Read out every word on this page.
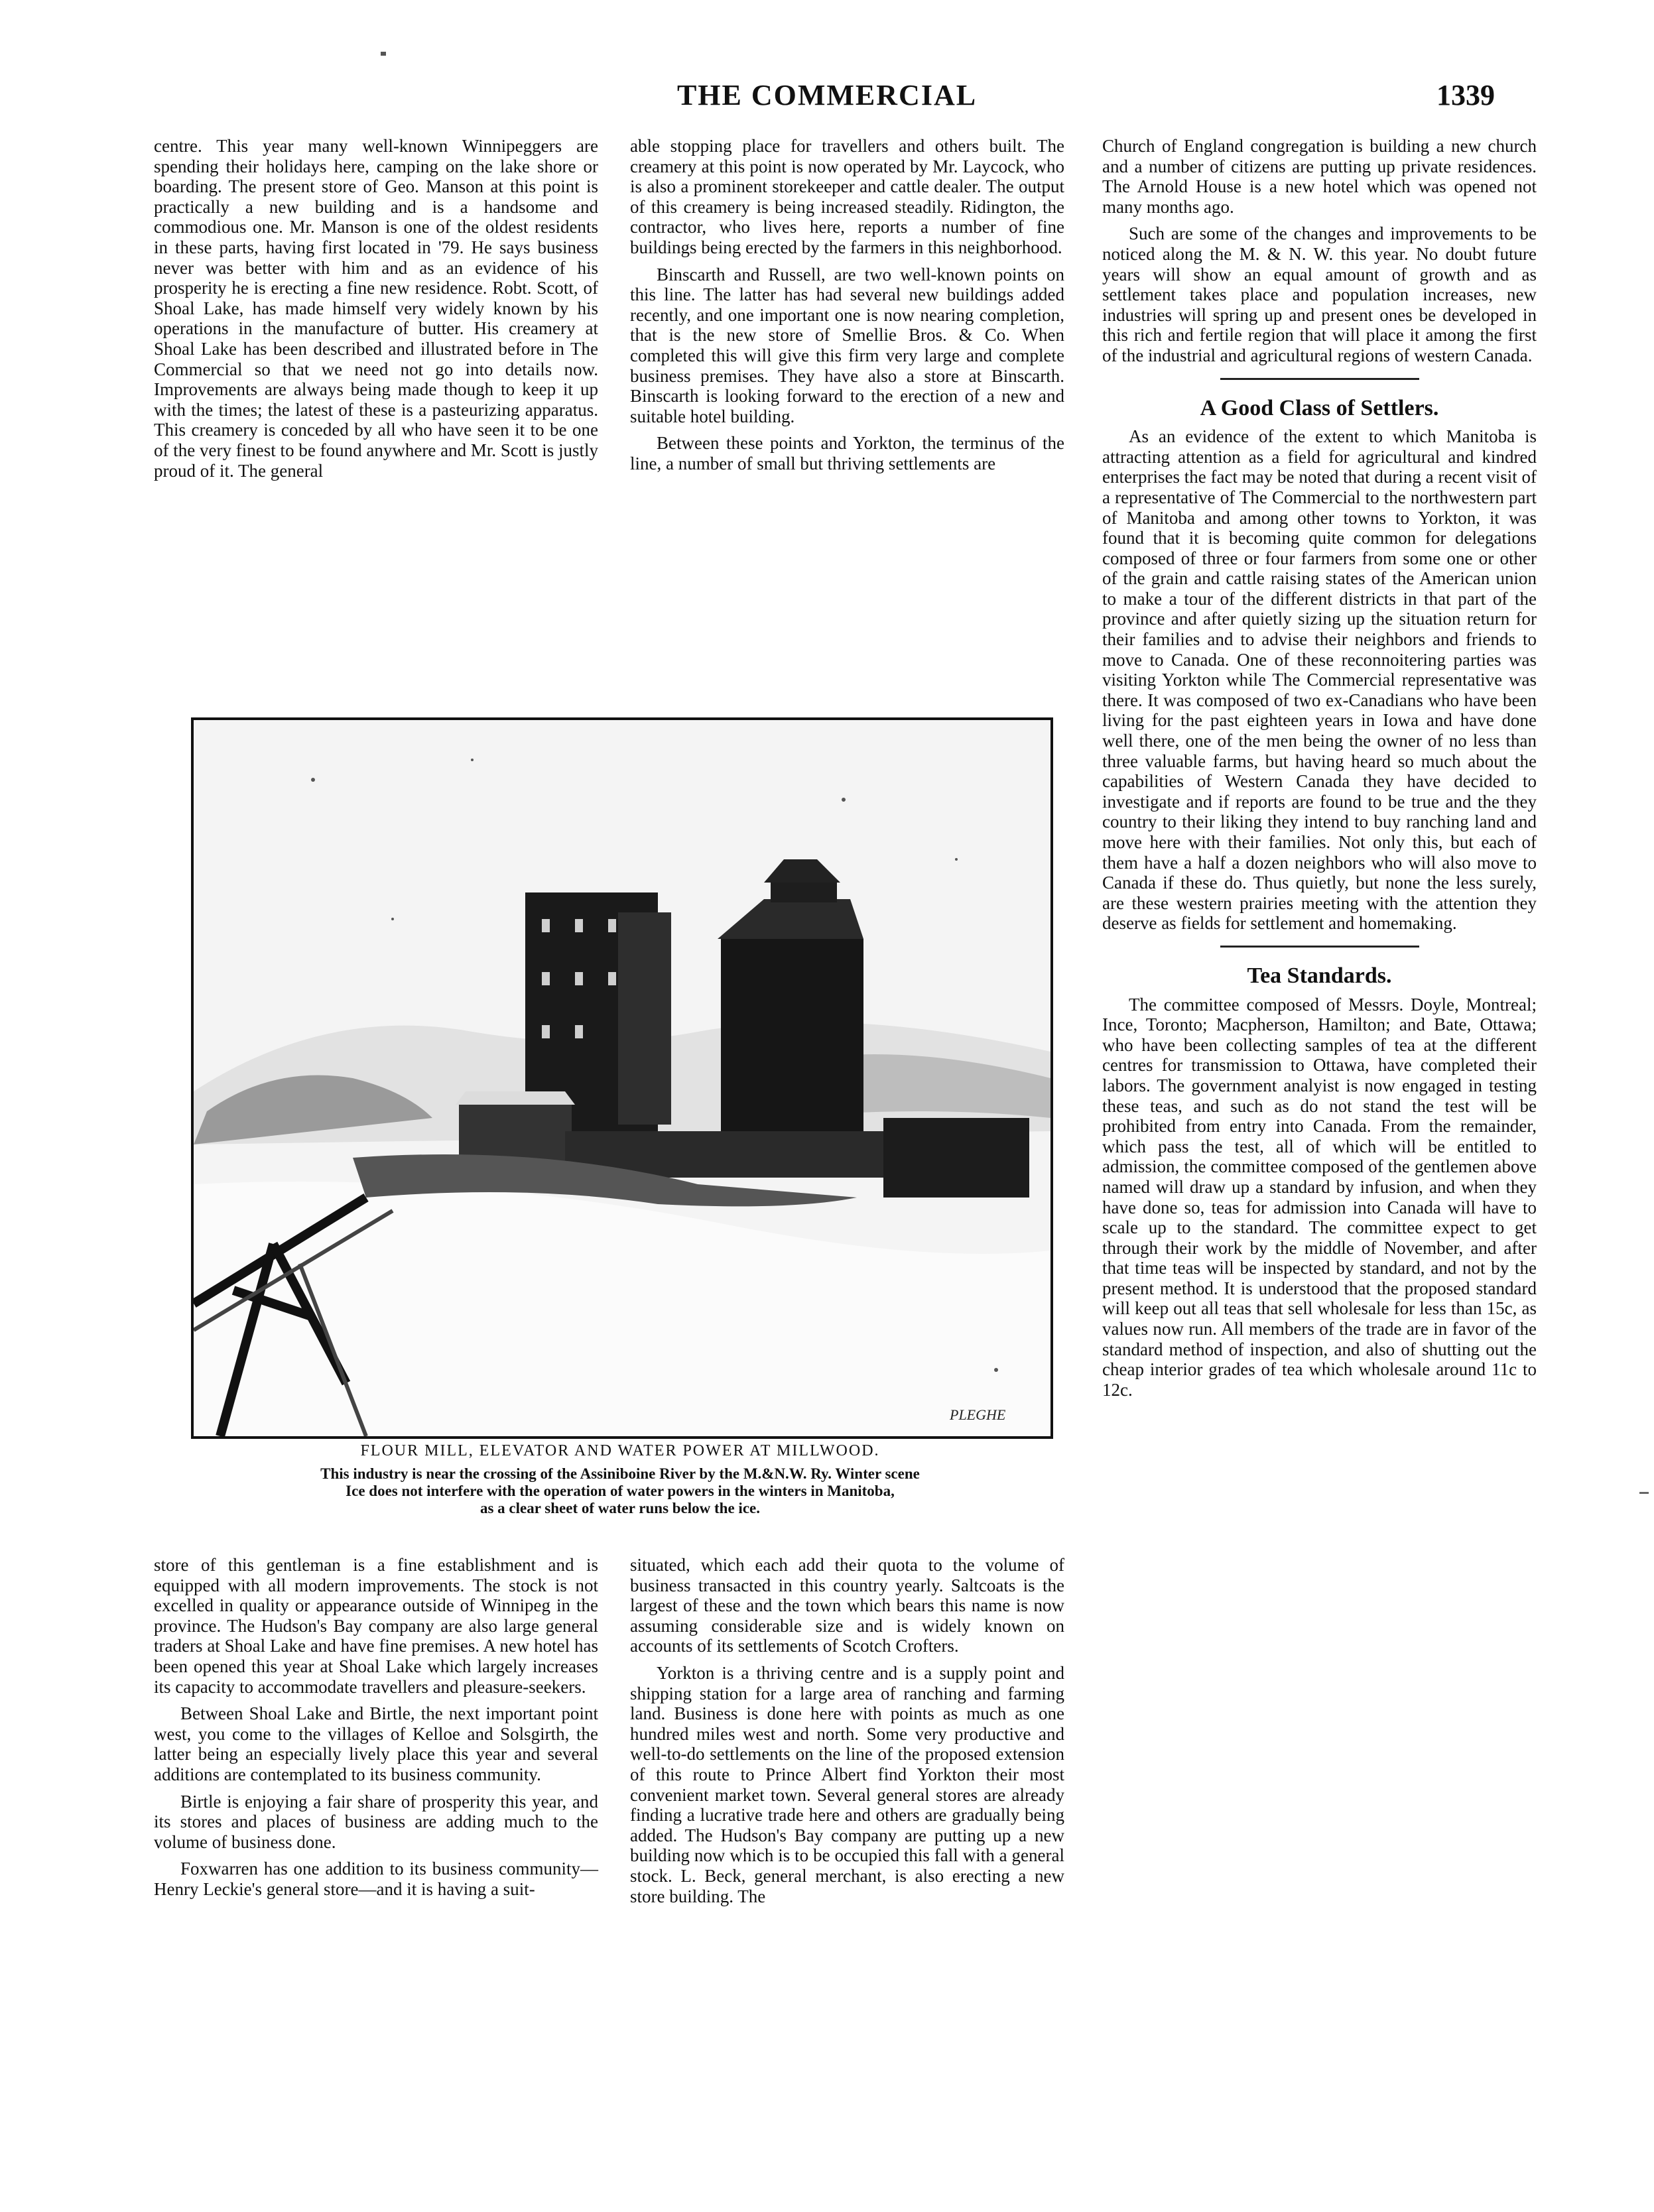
THE COMMERCIAL	1339

centre. This year many well-known Winnipeggers are spending their holidays here, camping on the lake shore or boarding. The present store of Geo. Manson at this point is practically a new building and is a handsome and commodious one. Mr. Manson is one of the oldest residents in these parts, having first located in '79. He says business never was better with him and as an evidence of his prosperity he is erecting a fine new residence. Robt. Scott, of Shoal Lake, has made himself very widely known by his operations in the manufacture of butter. His creamery at Shoal Lake has been described and illustrated before in The Commercial so that we need not go into details now. Improvements are always being made though to keep it up with the times; the latest of these is a pasteurizing apparatus. This creamery is conceded by all who have seen it to be one of the very finest to be found anywhere and Mr. Scott is justly proud of it. The general

able stopping place for travellers and others built. The creamery at this point is now operated by Mr. Laycock, who is also a prominent storekeeper and cattle dealer. The output of this creamery is being increased steadily. Ridington, the contractor, who lives here, reports a number of fine buildings being erected by the farmers in this neighborhood.

Binscarth and Russell, are two well-known points on this line. The latter has had several new buildings added recently, and one important one is now nearing completion, that is the new store of Smellie Bros. & Co. When completed this will give this firm very large and complete business premises. They have also a store at Binscarth. Binscarth is looking forward to the erection of a new and suitable hotel building.

Between these points and Yorkton, the terminus of the line, a number of small but thriving settlements are

Church of England congregation is building a new church and a number of citizens are putting up private residences. The Arnold House is a new hotel which was opened not many months ago.

Such are some of the changes and improvements to be noticed along the M. & N. W. this year. No doubt future years will show an equal amount of growth and as settlement takes place and population increases, new industries will spring up and present ones be developed in this rich and fertile region that will place it among the first of the industrial and agricultural regions of western Canada.

A Good Class of Settlers.

As an evidence of the extent to which Manitoba is attracting attention as a field for agricultural and kindred enterprises the fact may be noted that during a recent visit of a representative of The Commercial to the northwestern part of Manitoba and among other towns to Yorkton, it was found that it is becoming quite common for delegations composed of three or four farmers from some one or other of the grain and cattle raising states of the American union to make a tour of the different districts in that part of the province and after quietly sizing up the situation return for their families and to advise their neighbors and friends to move to Canada. One of these reconnoitering parties was visiting Yorkton while The Commercial representative was there. It was composed of two ex-Canadians who have been living for the past eighteen years in Iowa and have done well there, one of the men being the owner of no less than three valuable farms, but having heard so much about the capabilities of Western Canada they have decided to investigate and if reports are found to be true and the they country to their liking they intend to buy ranching land and move here with their families. Not only this, but each of them have a half a dozen neighbors who will also move to Canada if these do. Thus quietly, but none the less surely, are these western prairies meeting with the attention they deserve as fields for settlement and homemaking.

Tea Standards.

The committee composed of Messrs. Doyle, Montreal; Ince, Toronto; Macpherson, Hamilton; and Bate, Ottawa; who have been collecting samples of tea at the different centres for transmission to Ottawa, have completed their labors. The government analyist is now engaged in testing these teas, and such as do not stand the test will be prohibited from entry into Canada. From the remainder, which pass the test, all of which will be entitled to admission, the committee composed of the gentlemen above named will draw up a standard by infusion, and when they have done so, teas for admission into Canada will have to scale up to the standard. The committee expect to get through their work by the middle of November, and after that time teas will be inspected by standard, and not by the present method. It is understood that the proposed standard will keep out all teas that sell wholesale for less than 15c, as values now run. All members of the trade are in favor of the standard method of inspection, and also of shutting out the cheap interior grades of tea which wholesale around 11c to 12c.

PLEGHE
FLOUR MILL, ELEVATOR AND WATER POWER AT MILLWOOD.
This industry is near the crossing of the Assiniboine River by the M.&N.W. Ry. Winter scene
Ice does not interfere with the operation of water powers in the winters in Manitoba,
as a clear sheet of water runs below the ice.

store of this gentleman is a fine establishment and is equipped with all modern improvements. The stock is not excelled in quality or appearance outside of Winnipeg in the province. The Hudson's Bay company are also large general traders at Shoal Lake and have fine premises. A new hotel has been opened this year at Shoal Lake which largely increases its capacity to accommodate travellers and pleasure-seekers.

Between Shoal Lake and Birtle, the next important point west, you come to the villages of Kelloe and Solsgirth, the latter being an especially lively place this year and several additions are contemplated to its business community.

Birtle is enjoying a fair share of prosperity this year, and its stores and places of business are adding much to the volume of business done.

Foxwarren has one addition to its business community—Henry Leckie's general store—and it is having a suit-

situated, which each add their quota to the volume of business transacted in this country yearly. Saltcoats is the largest of these and the town which bears this name is now assuming considerable size and is widely known on accounts of its settlements of Scotch Crofters.

Yorkton is a thriving centre and is a supply point and shipping station for a large area of ranching and farming land. Business is done here with points as much as one hundred miles west and north. Some very productive and well-to-do settlements on the line of the proposed extension of this route to Prince Albert find Yorkton their most convenient market town. Several general stores are already finding a lucrative trade here and others are gradually being added. The Hudson's Bay company are putting up a new building now which is to be occupied this fall with a general stock. L. Beck, general merchant, is also erecting a new store building. The
